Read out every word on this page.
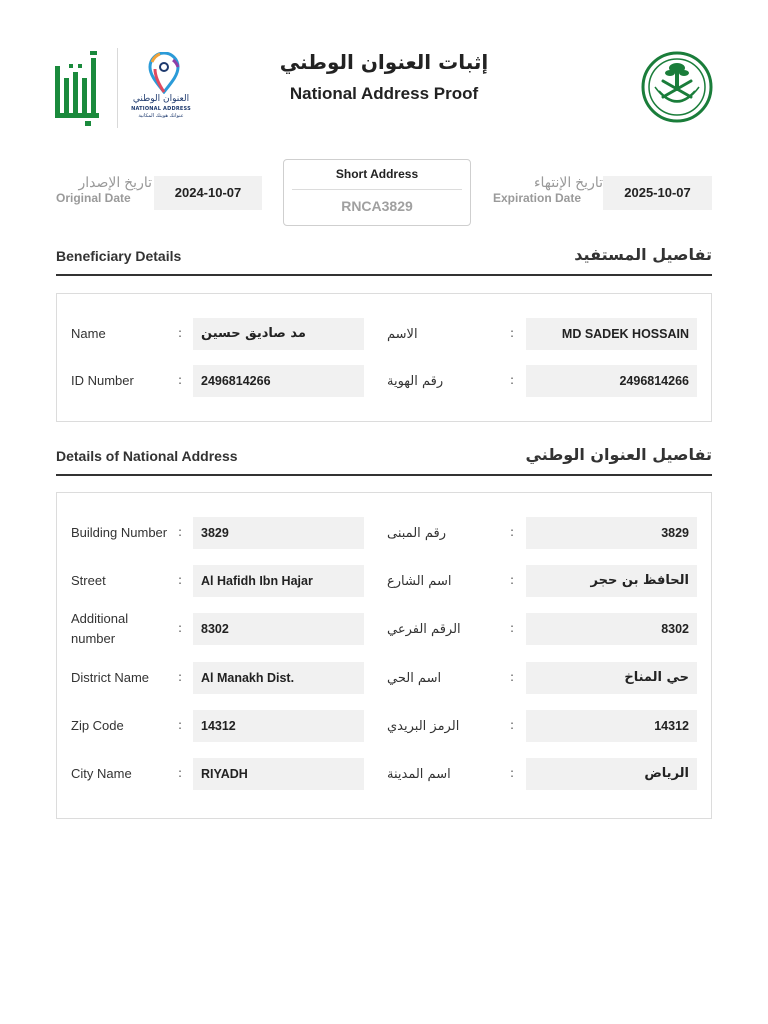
العنوان الوطني
NATIONAL ADDRESS
عنوانك هويتك المكانية
إثبات العنوان الوطني
National Address Proof
تاريخ الإصدار
Original Date	2024-10-07
Short Address
RNCA3829
تاريخ الإنتهاء
Expiration Date	2025-10-07
Beneficiary Details	تفاصيل المستفيد
Name	:	مد صاديق حسين	الاسم	:	MD SADEK HOSSAIN
ID Number	:	2496814266	رقم الهوية	:	2496814266
Details of National Address	تفاصيل العنوان الوطني
Building Number :	3829	رقم المبنى	:	3829
Street	:	Al Hafidh Ibn Hajar	اسم الشارع	:	الحافظ بن حجر
Additional number
:	8302	الرقم الفرعي	:	8302
District Name	:	Al Manakh Dist.	اسم الحي	:	حي المناخ
Zip Code	:	14312	الرمز البريدي	:	14312
City Name	:	RIYADH	اسم المدينة	:	الرياض
